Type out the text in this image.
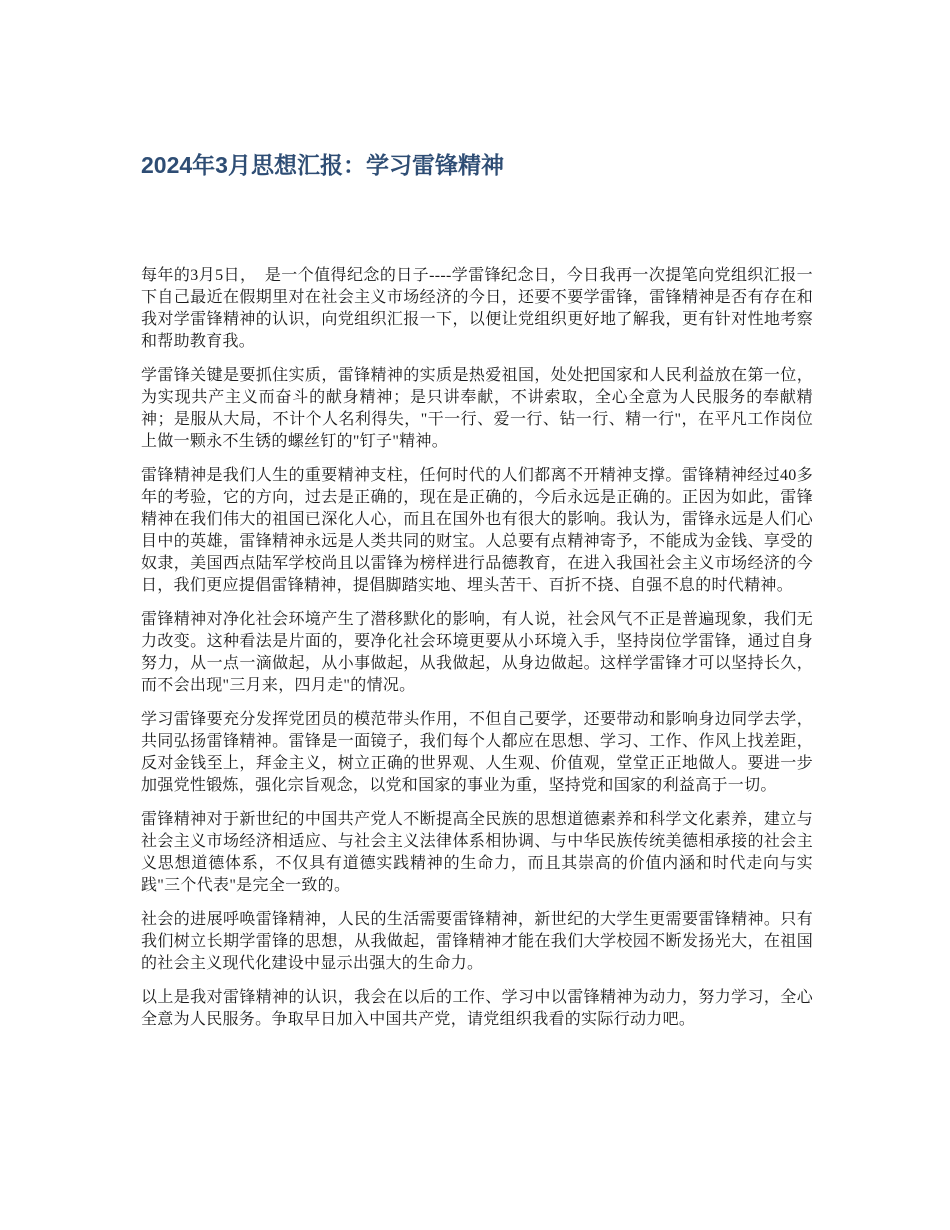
2024年3月思想汇报：学习雷锋精神

每年的3月5日，　是一个值得纪念的日子----学雷锋纪念日，今日我再一次提笔向党组织汇报一下自己最近在假期里对在社会主义市场经济的今日，还要不要学雷锋，雷锋精神是否有存在和我对学雷锋精神的认识，向党组织汇报一下，以便让党组织更好地了解我，更有针对性地考察和帮助教育我。

学雷锋关键是要抓住实质，雷锋精神的实质是热爱祖国，处处把国家和人民利益放在第一位，为实现共产主义而奋斗的献身精神；是只讲奉献，不讲索取，全心全意为人民服务的奉献精神；是服从大局，不计个人名利得失，"干一行、爱一行、钻一行、精一行"，在平凡工作岗位上做一颗永不生锈的螺丝钉的"钉子"精神。

雷锋精神是我们人生的重要精神支柱，任何时代的人们都离不开精神支撑。雷锋精神经过40多年的考验，它的方向，过去是正确的，现在是正确的，今后永远是正确的。正因为如此，雷锋精神在我们伟大的祖国已深化人心，而且在国外也有很大的影响。我认为，雷锋永远是人们心目中的英雄，雷锋精神永远是人类共同的财宝。人总要有点精神寄予，不能成为金钱、享受的奴隶，美国西点陆军学校尚且以雷锋为榜样进行品德教育，在进入我国社会主义市场经济的今日，我们更应提倡雷锋精神，提倡脚踏实地、埋头苦干、百折不挠、自强不息的时代精神。

雷锋精神对净化社会环境产生了潜移默化的影响，有人说，社会风气不正是普遍现象，我们无力改变。这种看法是片面的，要净化社会环境更要从小环境入手，坚持岗位学雷锋，通过自身努力，从一点一滴做起，从小事做起，从我做起，从身边做起。这样学雷锋才可以坚持长久，而不会出现"三月来，四月走"的情况。

学习雷锋要充分发挥党团员的模范带头作用，不但自己要学，还要带动和影响身边同学去学，共同弘扬雷锋精神。雷锋是一面镜子，我们每个人都应在思想、学习、工作、作风上找差距，反对金钱至上，拜金主义，树立正确的世界观、人生观、价值观，堂堂正正地做人。要进一步加强党性锻炼，强化宗旨观念，以党和国家的事业为重，坚持党和国家的利益高于一切。

雷锋精神对于新世纪的中国共产党人不断提高全民族的思想道德素养和科学文化素养，建立与社会主义市场经济相适应、与社会主义法律体系相协调、与中华民族传统美德相承接的社会主义思想道德体系，不仅具有道德实践精神的生命力，而且其崇高的价值内涵和时代走向与实践"三个代表"是完全一致的。

社会的进展呼唤雷锋精神，人民的生活需要雷锋精神，新世纪的大学生更需要雷锋精神。只有我们树立长期学雷锋的思想，从我做起，雷锋精神才能在我们大学校园不断发扬光大，在祖国的社会主义现代化建设中显示出强大的生命力。

以上是我对雷锋精神的认识，我会在以后的工作、学习中以雷锋精神为动力，努力学习，全心全意为人民服务。争取早日加入中国共产党，请党组织我看的实际行动力吧。
